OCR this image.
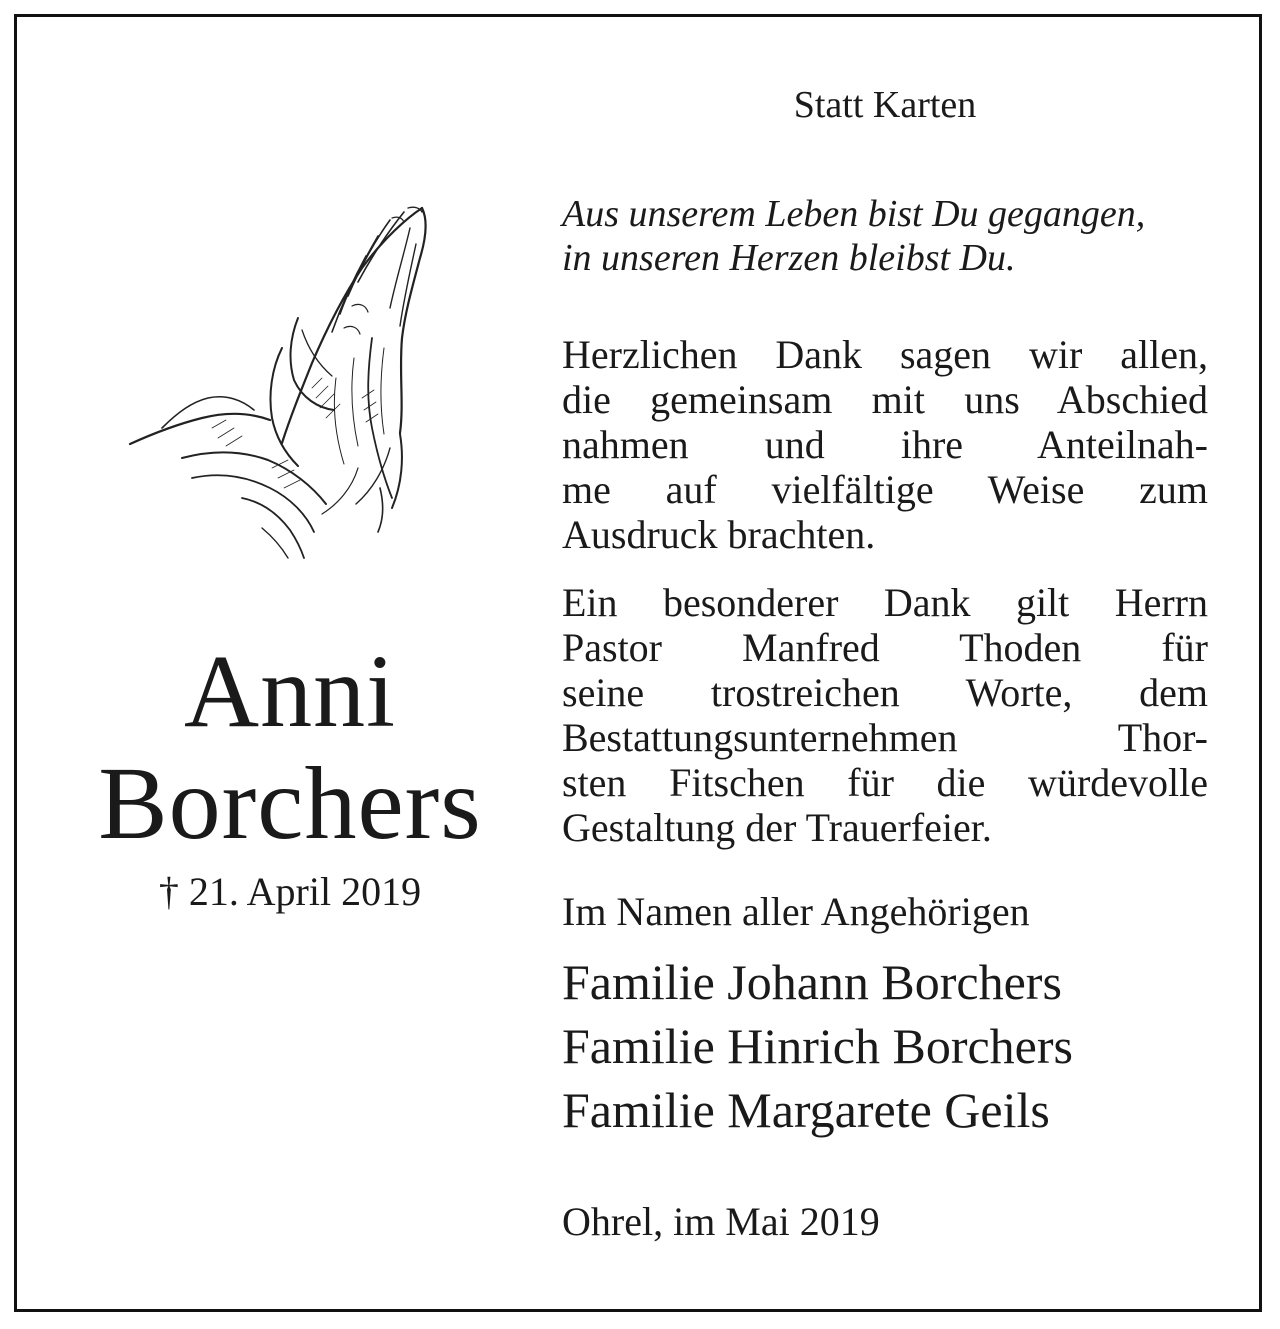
Anni
Borchers
† 21. April 2019
Statt Karten
Aus unserem Leben bist Du gegangen,
in unseren Herzen bleibst Du.
Herzlichen Dank sagen wir allen,
die gemeinsam mit uns Abschied
nahmen und ihre Anteilnah-
me auf vielfältige Weise zum
Ausdruck brachten.
Ein besonderer Dank gilt Herrn
Pastor Manfred Thoden für
seine trostreichen Worte, dem
Bestattungsunternehmen Thor-
sten Fitschen für die würdevolle
Gestaltung der Trauerfeier.
Im Namen aller Angehörigen
Familie Johann Borchers
Familie Hinrich Borchers
Familie Margarete Geils
Ohrel, im Mai 2019
